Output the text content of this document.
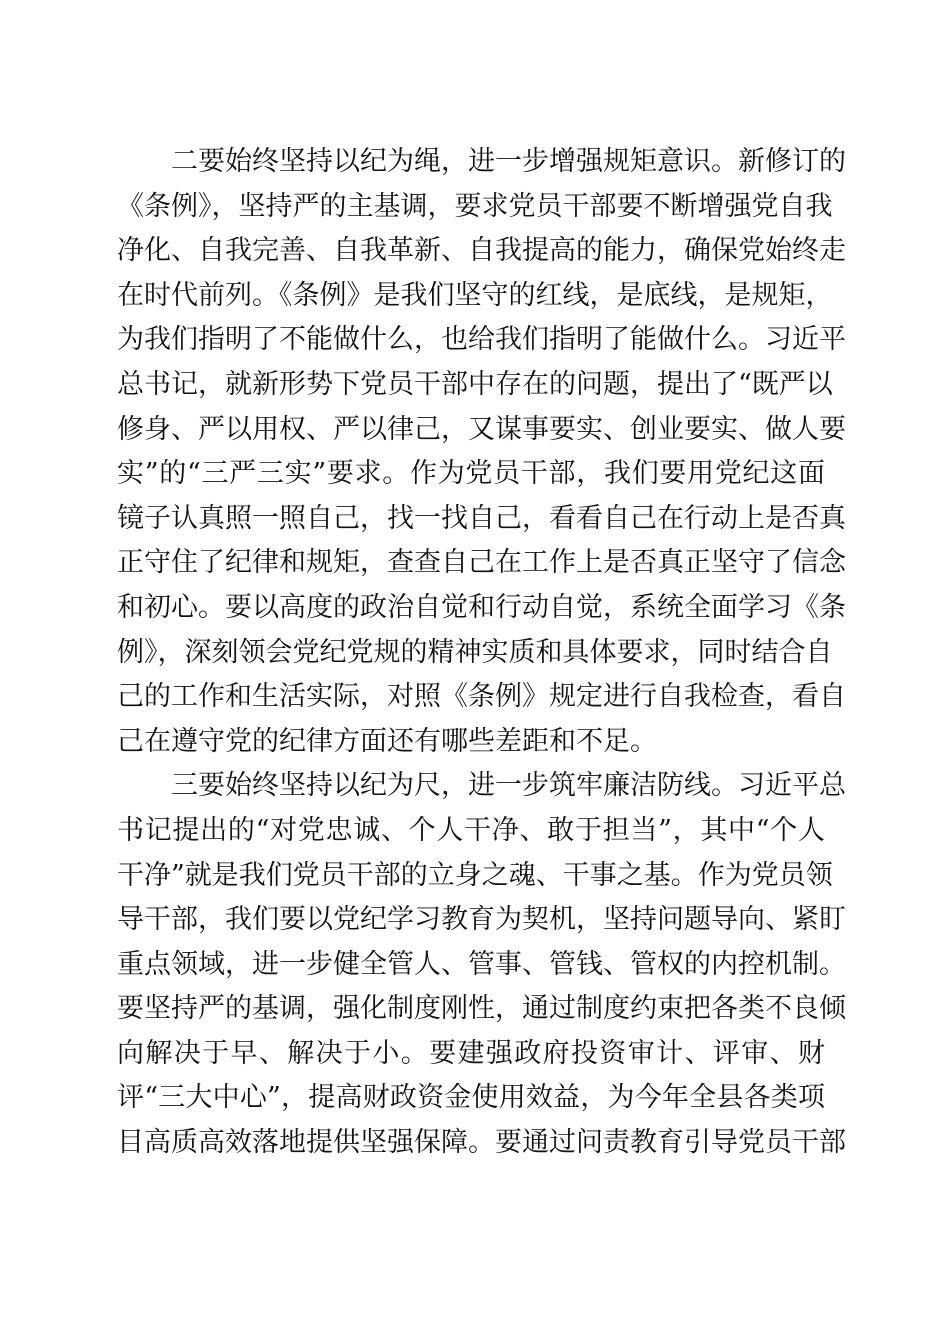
二要始终坚持以纪为绳，进一步增强规矩意识。新修订的
《条例》，坚持严的主基调，要求党员干部要不断增强党自我
净化、自我完善、自我革新、自我提高的能力，确保党始终走
在时代前列。《条例》是我们坚守的红线，是底线，是规矩，
为我们指明了不能做什么，也给我们指明了能做什么。习近平
总书记，就新形势下党员干部中存在的问题，提出了“既严以
修身、严以用权、严以律己，又谋事要实、创业要实、做人要
实”的“三严三实”要求。作为党员干部，我们要用党纪这面
镜子认真照一照自己，找一找自己，看看自己在行动上是否真
正守住了纪律和规矩，查查自己在工作上是否真正坚守了信念
和初心。要以高度的政治自觉和行动自觉，系统全面学习《条
例》，深刻领会党纪党规的精神实质和具体要求，同时结合自
己的工作和生活实际，对照《条例》规定进行自我检查，看自
己在遵守党的纪律方面还有哪些差距和不足。
三要始终坚持以纪为尺，进一步筑牢廉洁防线。习近平总
书记提出的“对党忠诚、个人干净、敢于担当”，其中“个人
干净”就是我们党员干部的立身之魂、干事之基。作为党员领
导干部，我们要以党纪学习教育为契机，坚持问题导向、紧盯
重点领域，进一步健全管人、管事、管钱、管权的内控机制。
要坚持严的基调，强化制度刚性，通过制度约束把各类不良倾
向解决于早、解决于小。要建强政府投资审计、评审、财
评“三大中心”，提高财政资金使用效益，为今年全县各类项
目高质高效落地提供坚强保障。要通过问责教育引导党员干部
